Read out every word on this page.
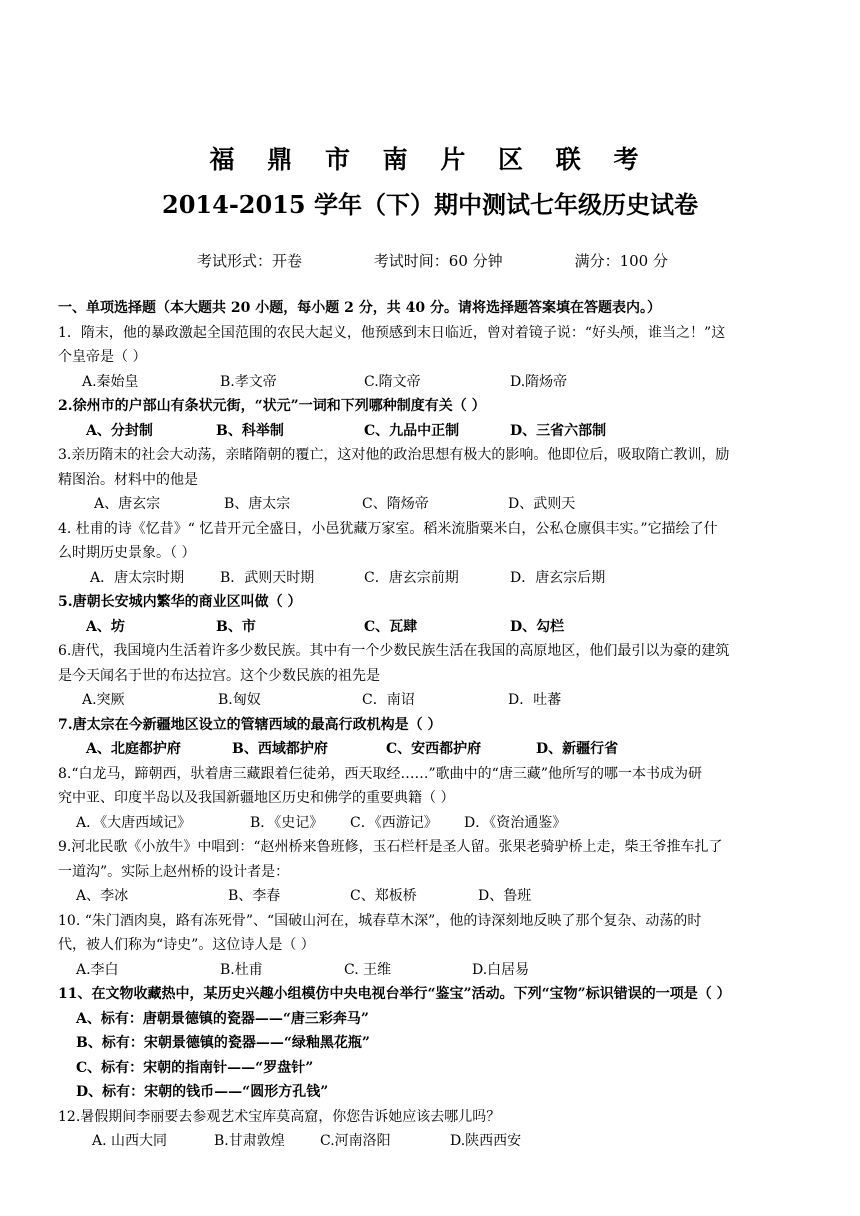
福 鼎 市 南 片 区 联 考
2014-2015 学年（下）期中测试七年级历史试卷
考试形式：开卷	考试时间：60 分钟	满分：100 分
一、单项选择题（本大题共 20 小题，每小题 2 分，共 40 分。请将选择题答案填在答题表内。）
1．隋末，他的暴政激起全国范围的农民大起义，他预感到末日临近，曾对着镜子说：“好头颅，谁当之！”这
个皇帝是（ ）
A.秦始皇	B.孝文帝	C.隋文帝	D.隋炀帝
2.徐州市的户部山有条状元街，“状元”一词和下列哪种制度有关（ ）
A、分封制	B、科举制	C、九品中正制	D、三省六部制
3.亲历隋末的社会大动荡，亲睹隋朝的覆亡，这对他的政治思想有极大的影响。他即位后，吸取隋亡教训，励
精图治。材料中的他是
A、唐玄宗	B、唐太宗	C、隋炀帝	D、武则天
4. 杜甫的诗《忆昔》“ 忆昔开元全盛日，小邑犹藏万家室。稻米流脂粟米白，公私仓廪俱丰实。”它描绘了什
么时期历史景象。（ ）
A．唐太宗时期	B．武则天时期	C．唐玄宗前期	D．唐玄宗后期
5.唐朝长安城内繁华的商业区叫做（ ）
A、坊	B、市	C、瓦肆	D、勾栏
6.唐代，我国境内生活着许多少数民族。其中有一个少数民族生活在我国的高原地区，他们最引以为豪的建筑
是今天闻名于世的布达拉宫。这个少数民族的祖先是
A.突厥	B.匈奴	C．南诏	D．吐蕃
7.唐太宗在今新疆地区设立的管辖西域的最高行政机构是（ ）
A、北庭都护府	B、西域都护府	C、安西都护府	D、新疆行省
8.“白龙马，蹄朝西，驮着唐三藏跟着仨徒弟，西天取经……”歌曲中的“唐三藏”他所写的哪一本书成为研
究中亚、印度半岛以及我国新疆地区历史和佛学的重要典籍（ ）
A．《大唐西域记》	B．《史记》 C．《西游记》 D．《资治通鉴》
9.河北民歌《小放牛》中唱到：“赵州桥来鲁班修，玉石栏杆是圣人留。张果老骑驴桥上走，柴王爷推车扎了
一道沟”。实际上赵州桥的设计者是：
A、李冰	B、李春	C、郑板桥	D、鲁班
10. “朱门酒肉臭，路有冻死骨”、“国破山河在，城春草木深”，他的诗深刻地反映了那个复杂、动荡的时
代，被人们称为“诗史”。这位诗人是（ ）
A.李白	B.杜甫	C. 王维	D.白居易
11、在文物收藏热中，某历史兴趣小组模仿中央电视台举行“鉴宝”活动。下列“宝物”标识错误的一项是（ ）
A、标有：唐朝景德镇的瓷器——“唐三彩奔马”
B、标有：宋朝景德镇的瓷器——“绿釉黑花瓶”
C、标有：宋朝的指南针——“罗盘针”
D、标有：宋朝的钱币——“圆形方孔钱”
12.暑假期间李丽要去参观艺术宝库莫高窟，你您告诉她应该去哪儿吗？
A. 山西大同	B.甘肃敦煌	C.河南洛阳	D.陕西西安
